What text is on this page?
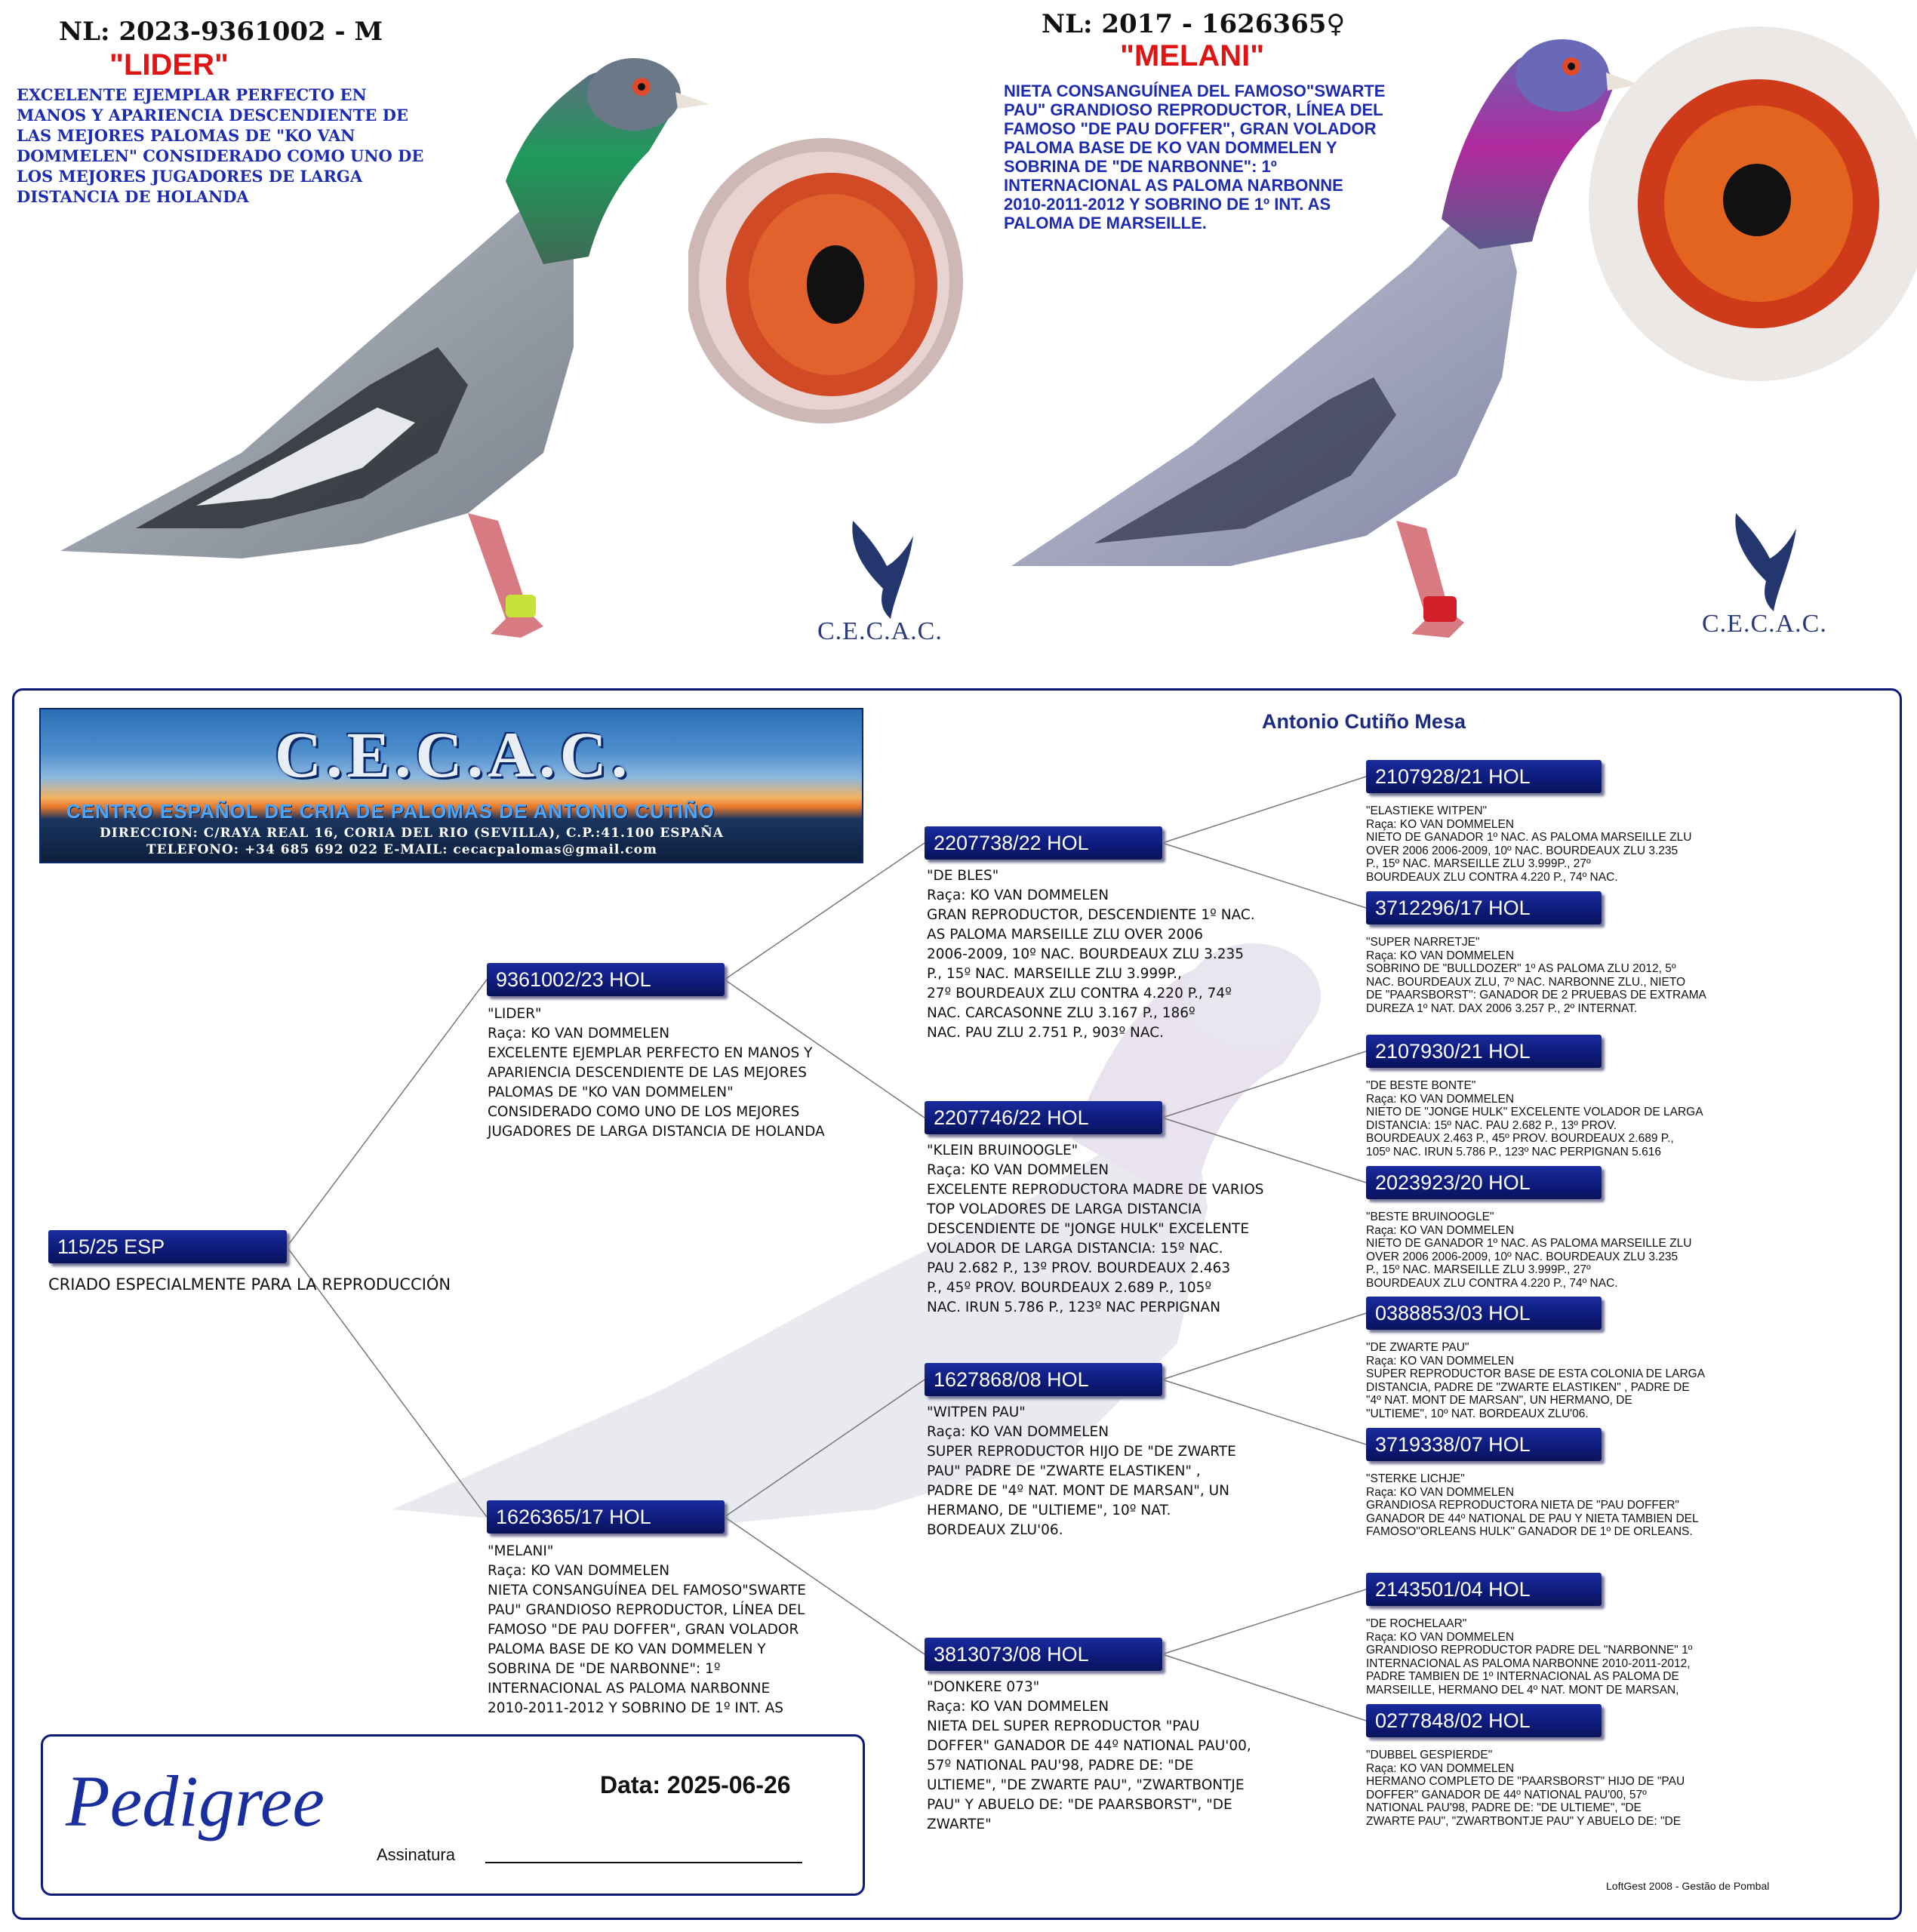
NL: 2023-9361002 - M
"LIDER"
EXCELENTE EJEMPLAR PERFECTO EN
MANOS Y APARIENCIA DESCENDIENTE DE
LAS MEJORES PALOMAS DE "KO VAN
DOMMELEN" CONSIDERADO COMO UNO DE
LOS MEJORES JUGADORES DE LARGA
DISTANCIA DE HOLANDA
C.E.C.A.C.
NL: 2017 - 1626365♀
"MELANI"
NIETA CONSANGUÍNEA DEL FAMOSO"SWARTE
PAU" GRANDIOSO REPRODUCTOR, LÍNEA DEL
FAMOSO "DE PAU DOFFER", GRAN VOLADOR
PALOMA BASE DE KO VAN DOMMELEN Y
SOBRINA DE "DE NARBONNE": 1º
INTERNACIONAL AS PALOMA NARBONNE
2010-2011-2012 Y SOBRINO DE 1º INT. AS
PALOMA DE MARSEILLE.
C.E.C.A.C.
C.E.C.A.C.
CENTRO ESPAÑOL DE CRIA DE PALOMAS DE ANTONIO CUTIÑO
DIRECCION: C/RAYA REAL 16, CORIA DEL RIO (SEVILLA), C.P.:41.100 ESPAÑA
TELEFONO: +34 685 692 022 E-MAIL: cecacpalomas@gmail.com
Antonio Cutiño Mesa
115/25 ESP
CRIADO ESPECIALMENTE PARA LA REPRODUCCIÓN
9361002/23 HOL
"LIDER"
Raça: KO VAN DOMMELEN
EXCELENTE EJEMPLAR PERFECTO EN MANOS Y
APARIENCIA DESCENDIENTE DE LAS MEJORES
PALOMAS DE "KO VAN DOMMELEN"
CONSIDERADO COMO UNO DE LOS MEJORES
JUGADORES DE LARGA DISTANCIA DE HOLANDA
1626365/17 HOL
"MELANI"
Raça: KO VAN DOMMELEN
NIETA CONSANGUÍNEA DEL FAMOSO"SWARTE
PAU" GRANDIOSO REPRODUCTOR, LÍNEA DEL
FAMOSO "DE PAU DOFFER", GRAN VOLADOR
PALOMA BASE DE KO VAN DOMMELEN Y
SOBRINA DE "DE NARBONNE": 1º
INTERNACIONAL AS PALOMA NARBONNE
2010-2011-2012 Y SOBRINO DE 1º INT. AS
2207738/22 HOL
"DE BLES"
Raça: KO VAN DOMMELEN
GRAN REPRODUCTOR, DESCENDIENTE 1º NAC.
AS PALOMA MARSEILLE ZLU OVER 2006
2006-2009, 10º NAC. BOURDEAUX ZLU 3.235
P., 15º NAC. MARSEILLE ZLU 3.999P.,
27º BOURDEAUX ZLU CONTRA 4.220 P., 74º
NAC. CARCASONNE ZLU 3.167 P., 186º
NAC. PAU ZLU 2.751 P., 903º NAC.
2207746/22 HOL
"KLEIN BRUINOOGLE"
Raça: KO VAN DOMMELEN
EXCELENTE REPRODUCTORA MADRE DE VARIOS
TOP VOLADORES DE LARGA DISTANCIA
DESCENDIENTE DE "JONGE HULK" EXCELENTE
VOLADOR DE LARGA DISTANCIA: 15º NAC.
PAU 2.682 P., 13º PROV. BOURDEAUX 2.463
P., 45º PROV. BOURDEAUX 2.689 P., 105º
NAC. IRUN 5.786 P., 123º NAC PERPIGNAN
1627868/08 HOL
"WITPEN PAU"
Raça: KO VAN DOMMELEN
SUPER REPRODUCTOR HIJO DE "DE ZWARTE
PAU" PADRE DE "ZWARTE ELASTIKEN" ,
PADRE DE "4º NAT. MONT DE MARSAN", UN
HERMANO, DE "ULTIEME", 10º NAT.
BORDEAUX ZLU'06.
3813073/08 HOL
"DONKERE 073"
Raça: KO VAN DOMMELEN
NIETA DEL SUPER REPRODUCTOR "PAU
DOFFER" GANADOR DE 44º NATIONAL PAU'00,
57º NATIONAL PAU'98, PADRE DE: "DE
ULTIEME", "DE ZWARTE PAU", "ZWARTBONTJE
PAU" Y ABUELO DE: "DE PAARSBORST", "DE
ZWARTE"
2107928/21 HOL
"ELASTIEKE WITPEN"
Raça: KO VAN DOMMELEN
NIETO DE GANADOR 1º NAC. AS PALOMA MARSEILLE ZLU
OVER 2006 2006-2009, 10º NAC. BOURDEAUX ZLU 3.235
P., 15º NAC. MARSEILLE ZLU 3.999P., 27º
BOURDEAUX ZLU CONTRA 4.220 P., 74º NAC.
3712296/17 HOL
"SUPER NARRETJE"
Raça: KO VAN DOMMELEN
SOBRINO DE "BULLDOZER" 1º AS PALOMA ZLU 2012, 5º
NAC. BOURDEAUX ZLU, 7º NAC. NARBONNE ZLU., NIETO
DE "PAARSBORST": GANADOR DE 2 PRUEBAS DE EXTRAMA
DUREZA 1º NAT. DAX 2006 3.257 P., 2º INTERNAT.
2107930/21 HOL
"DE BESTE BONTE"
Raça: KO VAN DOMMELEN
NIETO DE "JONGE HULK" EXCELENTE VOLADOR DE LARGA
DISTANCIA: 15º NAC. PAU 2.682 P., 13º PROV.
BOURDEAUX 2.463 P., 45º PROV. BOURDEAUX 2.689 P.,
105º NAC. IRUN 5.786 P., 123º NAC PERPIGNAN 5.616
2023923/20 HOL
"BESTE BRUINOOGLE"
Raça: KO VAN DOMMELEN
NIETO DE GANADOR 1º NAC. AS PALOMA MARSEILLE ZLU
OVER 2006 2006-2009, 10º NAC. BOURDEAUX ZLU 3.235
P., 15º NAC. MARSEILLE ZLU 3.999P., 27º
BOURDEAUX ZLU CONTRA 4.220 P., 74º NAC.
0388853/03 HOL
"DE ZWARTE PAU"
Raça: KO VAN DOMMELEN
SUPER REPRODUCTOR BASE DE ESTA COLONIA DE LARGA
DISTANCIA, PADRE DE "ZWARTE ELASTIKEN" , PADRE DE
"4º NAT. MONT DE MARSAN", UN HERMANO, DE
"ULTIEME", 10º NAT. BORDEAUX ZLU'06.
3719338/07 HOL
"STERKE LICHJE"
Raça: KO VAN DOMMELEN
GRANDIOSA REPRODUCTORA NIETA DE "PAU DOFFER"
GANADOR DE 44º NATIONAL DE PAU Y NIETA TAMBIEN DEL
FAMOSO"ORLEANS HULK" GANADOR DE 1º DE ORLEANS.
2143501/04 HOL
"DE ROCHELAAR"
Raça: KO VAN DOMMELEN
GRANDIOSO REPRODUCTOR PADRE DEL "NARBONNE" 1º
INTERNACIONAL AS PALOMA NARBONNE 2010-2011-2012,
PADRE TAMBIEN DE 1º INTERNACIONAL AS PALOMA DE
MARSEILLE, HERMANO DEL 4º NAT. MONT DE MARSAN,
0277848/02 HOL
"DUBBEL GESPIERDE"
Raça: KO VAN DOMMELEN
HERMANO COMPLETO DE "PAARSBORST" HIJO DE "PAU
DOFFER" GANADOR DE 44º NATIONAL PAU'00, 57º
NATIONAL PAU'98, PADRE DE: "DE ULTIEME", "DE
ZWARTE PAU", "ZWARTBONTJE PAU" Y ABUELO DE: "DE
Pedigree	Data: 2025-06-26
Assinatura
LoftGest 2008 - Gestão de Pombal
